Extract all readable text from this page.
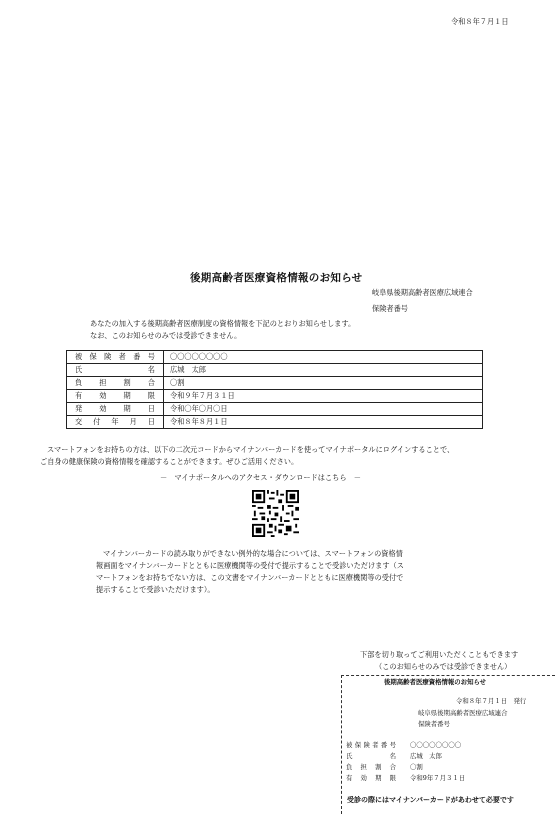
令和８年７月１日
後期高齢者医療資格情報のお知らせ
岐阜県後期高齢者医療広域連合
保険者番号
あなたの加入する後期高齢者医療制度の資格情報を下記のとおりお知らせします。
なお、このお知らせのみでは受診できません。
被保険者番号	〇〇〇〇〇〇〇〇
氏名	広城　太郎
負担割合	〇割
有効期限	令和９年７月３１日
発効期日	令和〇年〇月〇日
交付年月日	令和８年８月１日
スマートフォンをお持ちの方は、以下の二次元コードからマイナンバーカードを使ってマイナポータルにログインすることで、
ご自身の健康保険の資格情報を確認することができます。ぜひご活用ください。
－　マイナポータルへのアクセス・ダウンロードはこちら　－
マイナンバーカードの読み取りができない例外的な場合については、スマートフォンの資格情
報画面をマイナンバーカードとともに医療機関等の受付で提示することで受診いただけます（ス
マートフォンをお持ちでない方は、この文書をマイナンバーカードとともに医療機関等の受付で
提示することで受診いただけます）。
下部を切り取ってご利用いただくこともできます
（このお知らせのみでは受診できません）
後期高齢者医療資格情報のお知らせ
令和８年７月１日　発行
岐阜県後期高齢者医療広域連合
保険者番号
被保険者番号 〇〇〇〇〇〇〇〇
氏名 広城　太郎
負担割合 〇割
有効期限 令和9年７月３１日
受診の際にはマイナンバーカードがあわせて必要です
